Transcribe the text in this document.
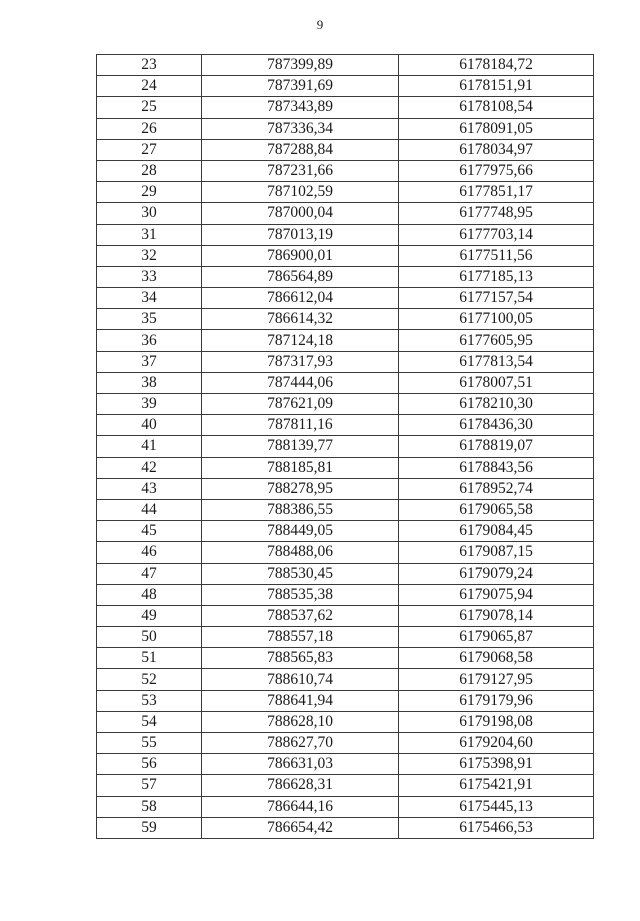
9
23	787399,89	6178184,72
24	787391,69	6178151,91
25	787343,89	6178108,54
26	787336,34	6178091,05
27	787288,84	6178034,97
28	787231,66	6177975,66
29	787102,59	6177851,17
30	787000,04	6177748,95
31	787013,19	6177703,14
32	786900,01	6177511,56
33	786564,89	6177185,13
34	786612,04	6177157,54
35	786614,32	6177100,05
36	787124,18	6177605,95
37	787317,93	6177813,54
38	787444,06	6178007,51
39	787621,09	6178210,30
40	787811,16	6178436,30
41	788139,77	6178819,07
42	788185,81	6178843,56
43	788278,95	6178952,74
44	788386,55	6179065,58
45	788449,05	6179084,45
46	788488,06	6179087,15
47	788530,45	6179079,24
48	788535,38	6179075,94
49	788537,62	6179078,14
50	788557,18	6179065,87
51	788565,83	6179068,58
52	788610,74	6179127,95
53	788641,94	6179179,96
54	788628,10	6179198,08
55	788627,70	6179204,60
56	786631,03	6175398,91
57	786628,31	6175421,91
58	786644,16	6175445,13
59	786654,42	6175466,53
